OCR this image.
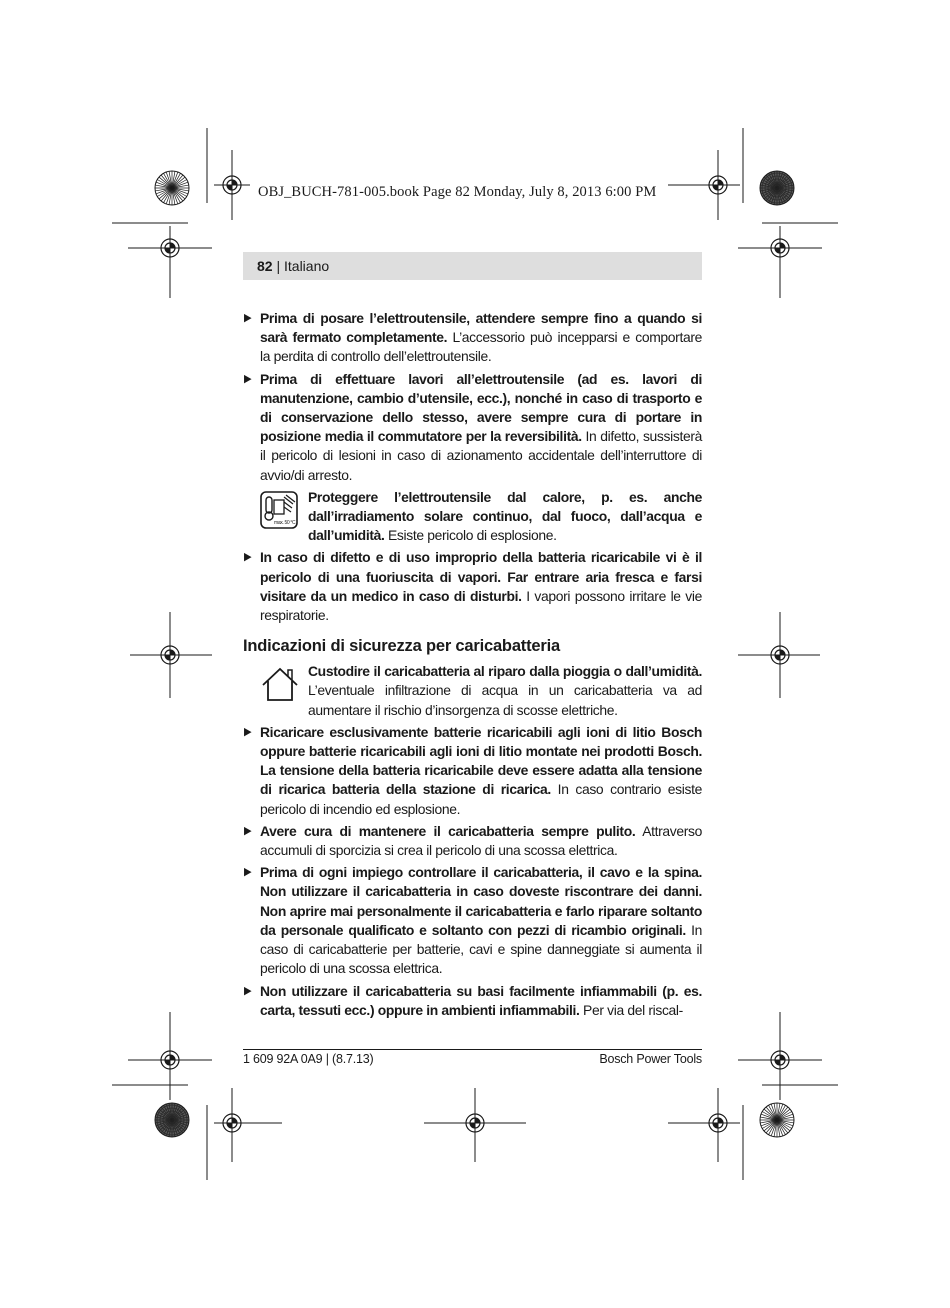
OBJ_BUCH-781-005.book Page 82 Monday, July 8, 2013 6:00 PM
82 | Italiano
▶ Prima di posare l’elettroutensile, attendere sempre fino a quando si sarà fermato completamente. L’accessorio può incepparsi e comportare la perdita di controllo dell’elettroutensile.
▶ Prima di effettuare lavori all’elettroutensile (ad es. lavori di manutenzione, cambio d’utensile, ecc.), nonché in caso di trasporto e di conservazione dello stesso, avere sempre cura di portare in posizione media il commutatore per la reversibilità. In difetto, sussisterà il pericolo di lesioni in caso di azionamento accidentale dell’interruttore di avvio/di arresto.
max. 50 °C
Proteggere l’elettroutensile dal calore, p. es. anche dall’irradiamento solare continuo, dal fuoco, dall’acqua e dall’umidità. Esiste pericolo di esplosione.
▶ In caso di difetto e di uso improprio della batteria ricaricabile vi è il pericolo di una fuoriuscita di vapori. Far entrare aria fresca e farsi visitare da un medico in caso di disturbi. I vapori possono irritare le vie respiratorie.
Indicazioni di sicurezza per caricabatteria
Custodire il caricabatteria al riparo dalla pioggia o dall’umidità. L’eventuale infiltrazione di acqua in un caricabatteria va ad aumentare il rischio d’insorgenza di scosse elettriche.
▶ Ricaricare esclusivamente batterie ricaricabili agli ioni di litio Bosch oppure batterie ricaricabili agli ioni di litio montate nei prodotti Bosch. La tensione della batteria ricaricabile deve essere adatta alla tensione di ricarica batteria della stazione di ricarica. In caso contrario esiste pericolo di incendio ed esplosione.
▶ Avere cura di mantenere il caricabatteria sempre pulito. Attraverso accumuli di sporcizia si crea il pericolo di una scossa elettrica.
▶ Prima di ogni impiego controllare il caricabatteria, il cavo e la spina. Non utilizzare il caricabatteria in caso doveste riscontrare dei danni. Non aprire mai personalmente il caricabatteria e farlo riparare soltanto da personale qualificato e soltanto con pezzi di ricambio originali. In caso di caricabatterie per batterie, cavi e spine danneggiate si aumenta il pericolo di una scossa elettrica.
▶ Non utilizzare il caricabatteria su basi facilmente infiammabili (p. es. carta, tessuti ecc.) oppure in ambienti infiammabili. Per via del riscal-
1 609 92A 0A9 | (8.7.13)	Bosch Power Tools
